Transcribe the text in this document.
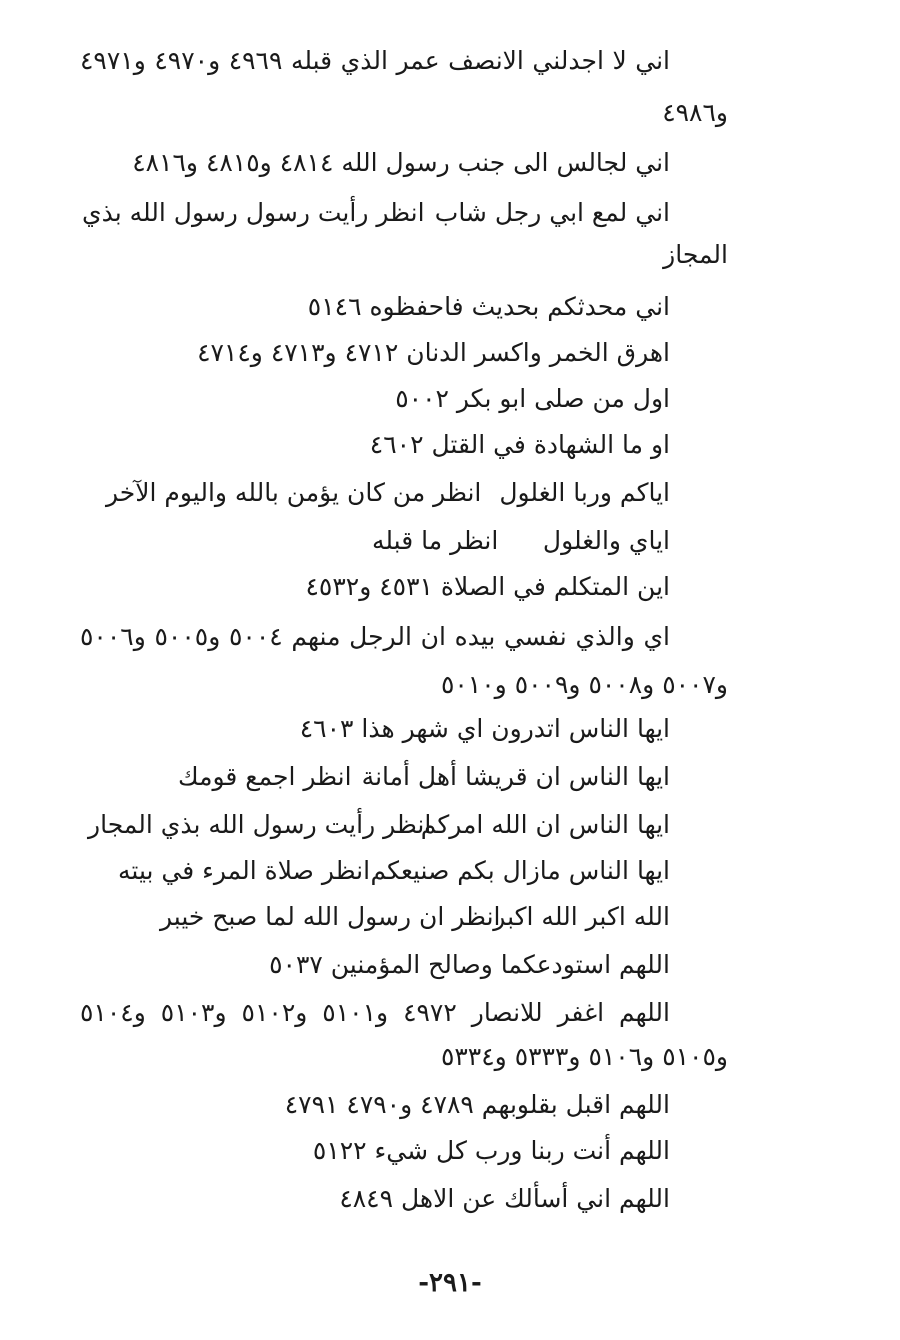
اني لا اجدلني الانصف عمر الذي قبله ٤٩٦٩ و٤٩٧٠ و٤٩٧١
و٤٩٨٦
اني لجالس الى جنب رسول الله ٤٨١٤ و٤٨١٥ و٤٨١٦
اني لمع ابي رجل شاب
انظر رأيت رسول رسول الله بذي
المجاز
اني محدثكم بحديث فاحفظوه ٥١٤٦
اهرق الخمر واكسر الدنان ٤٧١٢ و٤٧١٣ و٤٧١٤
اول من صلى ابو بكر ٥٠٠٢
او ما الشهادة في القتل ٤٦٠٢
اياكم وربا الغلول
انظر من كان يؤمن بالله واليوم الآخر
اياي والغلول
انظر ما قبله
اين المتكلم في الصلاة ٤٥٣١ و٤٥٣٢
اي والذي نفسي بيده ان الرجل منهم ٥٠٠٤ و٥٠٠٥ و٥٠٠٦
و٥٠٠٧ و٥٠٠٨ و٥٠٠٩ و٥٠١٠
ايها الناس اتدرون اي شهر هذا ٤٦٠٣
ايها الناس ان قريشا أهل أمانة
انظر اجمع قومك
ايها الناس ان الله امركم
انظر رأيت رسول الله بذي المجار
ايها الناس مازال بكم صنيعكم
انظر صلاة المرء في بيته
الله اكبر الله اكبر
انظر ان رسول الله لما صبح خيبر
اللهم استودعكما وصالح المؤمنين ٥٠٣٧
اللهم اغفر للانصار ٤٩٧٢ و٥١٠١ و٥١٠٢ و٥١٠٣ و٥١٠٤
و٥١٠٥ و٥١٠٦ و٥٣٣٣ و٥٣٣٤
اللهم اقبل بقلوبهم ٤٧٨٩ و٤٧٩٠ ٤٧٩١
اللهم أنت ربنا ورب كل شيء ٥١٢٢
اللهم اني أسألك عن الاهل ٤٨٤٩
-٢٩١-
